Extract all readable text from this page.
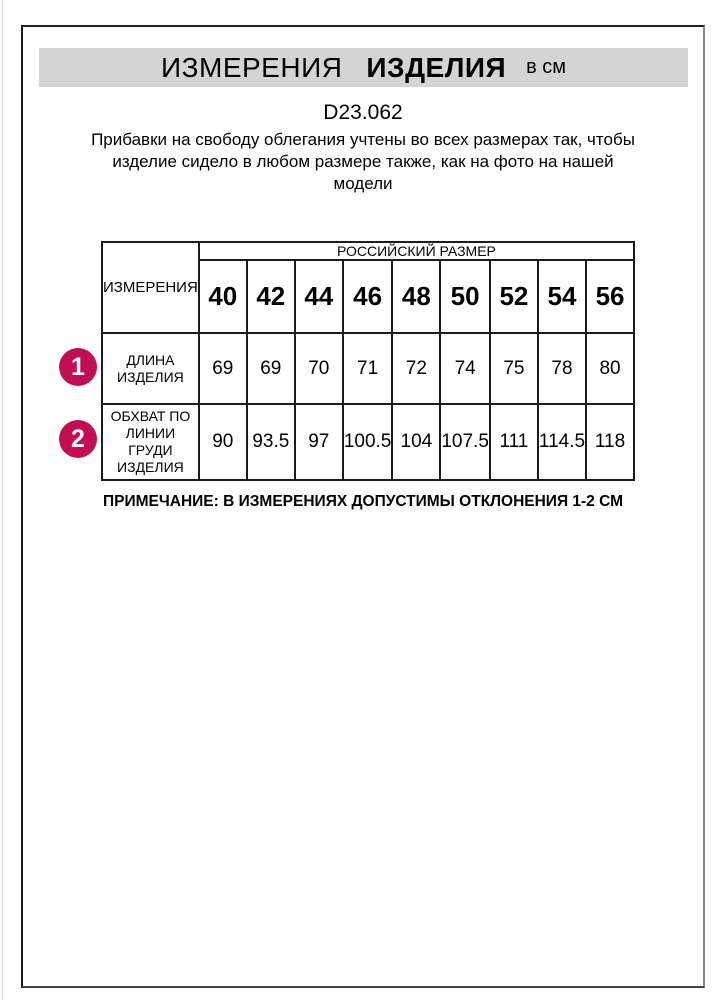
ИЗМЕРЕНИЯ ИЗДЕЛИЯ в см
D23.062
Прибавки на свободу облегания учтены во всех размерах так, чтобы
изделие сидело в любом размере также, как на фото на нашей
модели
ИЗМЕРЕНИЯ	РОССИЙСКИЙ РАЗМЕР								
	40	42	44	46	48	50	52	54	56
ДЛИНА ИЗДЕЛИЯ	69	69	70	71	72	74	75	78	80
ОБХВАТ ПО ЛИНИИ ГРУДИ ИЗДЕЛИЯ	90	93.5	97	100.5	104	107.5	111	114.5	118
1
2
ПРИМЕЧАНИЕ: В ИЗМЕРЕНИЯХ ДОПУСТИМЫ ОТКЛОНЕНИЯ 1-2 СМ
